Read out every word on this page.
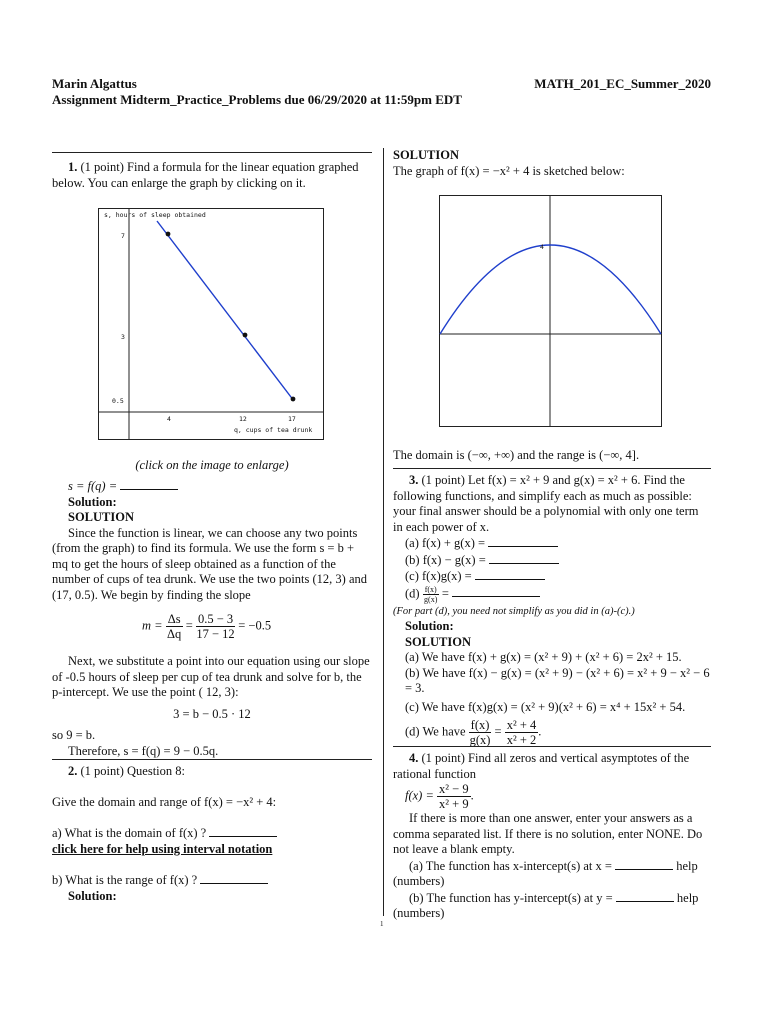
Marin Algattus	MATH_201_EC_Summer_2020
Assignment Midterm_Practice_Problems due 06/29/2020 at 11:59pm EDT
1. (1 point) Find a formula for the linear equation graphed below. You can enlarge the graph by clicking on it.
s, hours of sleep obtained
q, cups of tea drunk
7
3
0.5
4	12	17
(click on the image to enlarge)
s = f(q) =
Solution:
SOLUTION
Since the function is linear, we can choose any two points (from the graph) to find its formula. We use the form s = b + mq to get the hours of sleep obtained as a function of the number of cups of tea drunk. We use the two points (12, 3) and (17, 0.5). We begin by finding the slope
$m = \frac{\Delta s}{\Delta q} = \frac{0.5 - 3}{17 - 12} = -0.5$
Next, we substitute a point into our equation using our slope of -0.5 hours of sleep per cup of tea drunk and solve for b, the p-intercept. We use the point ( 12, 3):
3 = b − 0.5 · 12
so 9 = b.
Therefore, s = f(q) = 9 − 0.5q.
2. (1 point) Question 8:
Give the domain and range of f(x) = −x² + 4:
a) What is the domain of f(x) ?
click here for help using interval notation
b) What is the range of f(x) ?
Solution:
SOLUTION
The graph of f(x) = −x² + 4 is sketched below:
4
The domain is (−∞, +∞) and the range is (−∞, 4].
3. (1 point) Let f(x) = x² + 9 and g(x) = x² + 6. Find the following functions, and simplify each as much as possible: your final answer should be a polynomial with only one term in each power of x.
(a) f(x) + g(x) =
(b) f(x) − g(x) =
(c) f(x)g(x) =
$(d) \frac{f(x)}{g(x)}$ =
(For part (d), you need not simplify as you did in (a)-(c).)
Solution:
SOLUTION
(a) We have f(x) + g(x) = (x² + 9) + (x² + 6) = 2x² + 15.
(b) We have f(x) − g(x) = (x² + 9) − (x² + 6) = x² + 9 − x² − 6 = 3.
(c) We have f(x)g(x) = (x² + 9)(x² + 6) = x⁴ + 15x² + 54.
(d) We have $\frac{f(x)}{g(x)} = \frac{\text{x² + 4}}{\text{x² + 2}}$ .
4. (1 point) Find all zeros and vertical asymptotes of the rational function
$f(x) = \frac{\text{x² − 9}}{\text{x² + 9}}$ .
If there is more than one answer, enter your answers as a comma separated list. If there is no solution, enter NONE. Do not leave a blank empty.
(a) The function has x-intercept(s) at x =	help
(numbers)
(b) The function has y-intercept(s) at y =	help
(numbers)
1
